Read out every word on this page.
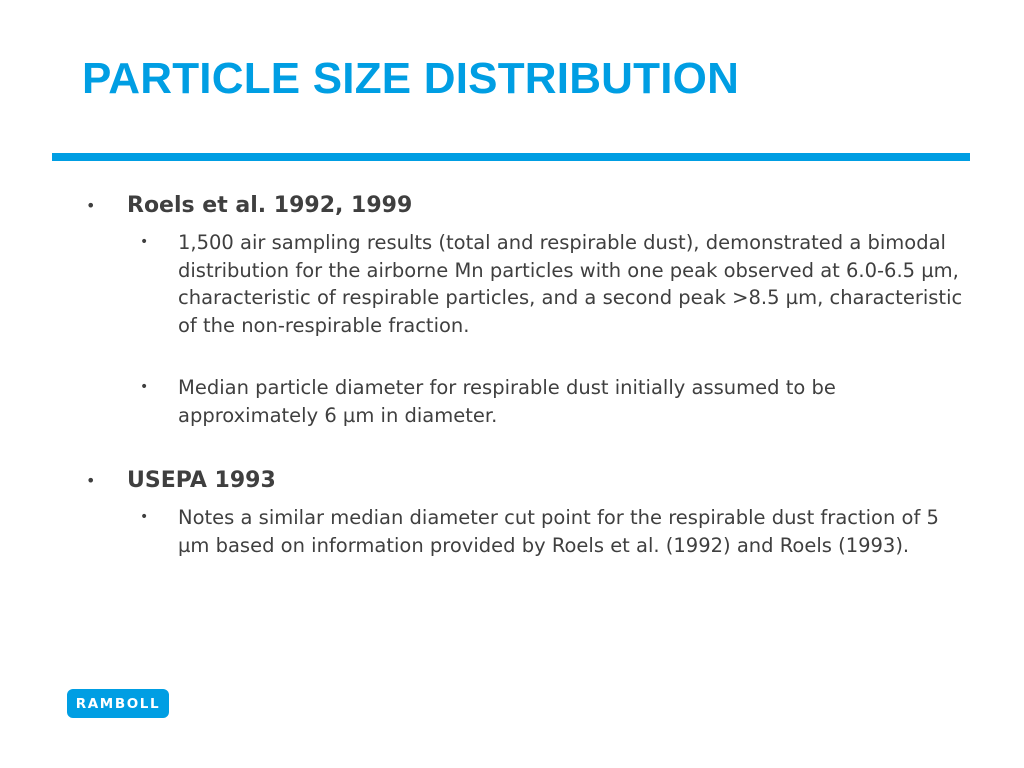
PARTICLE SIZE DISTRIBUTION
• Roels et al. 1992, 1999
• 1,500 air sampling results (total and respirable dust), demonstrated a bimodal distribution for the airborne Mn particles with one peak observed at 6.0-6.5 µm, characteristic of respirable particles, and a second peak >8.5 µm, characteristic of the non-respirable fraction.
• Median particle diameter for respirable dust initially assumed to be approximately 6 µm in diameter.
• USEPA 1993
• Notes a similar median diameter cut point for the respirable dust fraction of 5 µm based on information provided by Roels et al. (1992) and Roels (1993).
RAMBOLL
